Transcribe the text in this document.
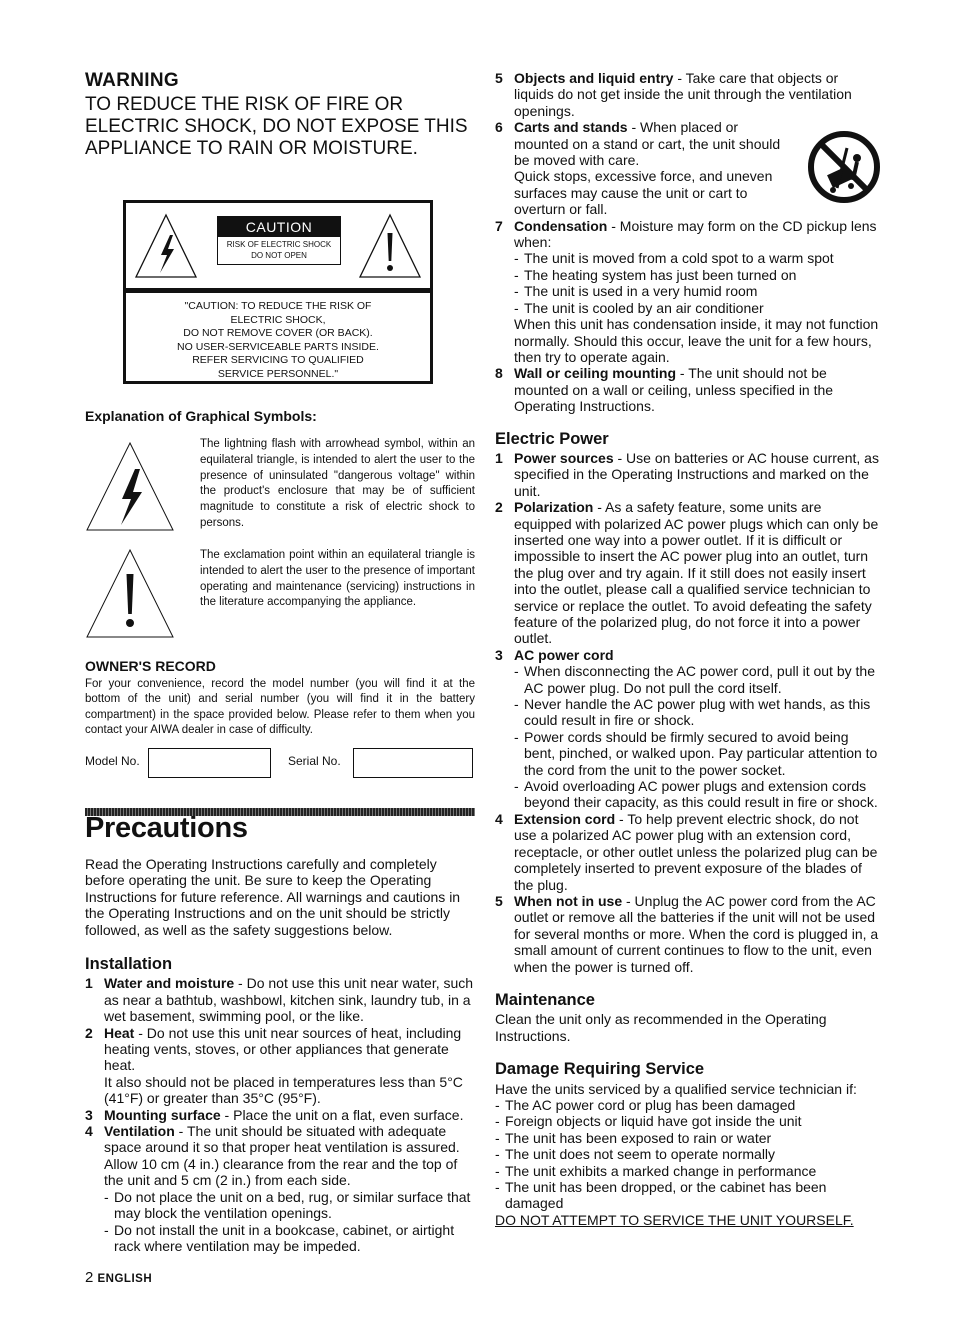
WARNING

TO REDUCE THE RISK OF FIRE OR ELECTRIC SHOCK, DO NOT EXPOSE THIS APPLIANCE TO RAIN OR MOISTURE.

CAUTION
RISK OF ELECTRIC SHOCK
DO NOT OPEN
"CAUTION: TO REDUCE THE RISK OF
ELECTRIC SHOCK,
DO NOT REMOVE COVER (OR BACK).
NO USER-SERVICEABLE PARTS INSIDE.
REFER SERVICING TO QUALIFIED
SERVICE PERSONNEL."
Explanation of Graphical Symbols:
The lightning flash with arrowhead symbol, within an equilateral triangle, is intended to alert the user to the presence of uninsulated "dangerous voltage" within the product's enclosure that may be of sufficient magnitude to constitute a risk of electric shock to persons.
The exclamation point within an equilateral triangle is intended to alert the user to the presence of important operating and maintenance (servicing) instructions in the literature accompanying the appliance.
OWNER'S RECORD
For your convenience, record the model number (you will find it at the bottom of the unit) and serial number (you will find it in the battery compartment) in the space provided below. Please refer to them when you contact your AIWA dealer in case of difficulty.
Model No.	Serial No.
Precautions
Read the Operating Instructions carefully and completely before operating the unit. Be sure to keep the Operating Instructions for future reference. All warnings and cautions in the Operating Instructions and on the unit should be strictly followed, as well as the safety suggestions below.
Installation
1 Water and moisture - Do not use this unit near water, such as near a bathtub, washbowl, kitchen sink, laundry tub, in a wet basement, swimming pool, or the like.
2 Heat - Do not use this unit near sources of heat, including heating vents, stoves, or other appliances that generate heat.
It also should not be placed in temperatures less than 5°C (41°F) or greater than 35°C (95°F).
3 Mounting surface - Place the unit on a flat, even surface.
4 Ventilation - The unit should be situated with adequate space around it so that proper heat ventilation is assured. Allow 10 cm (4 in.) clearance from the rear and the top of the unit and 5 cm (2 in.) from each side.
- Do not place the unit on a bed, rug, or similar surface that may block the ventilation openings.
- Do not install the unit in a bookcase, cabinet, or airtight rack where ventilation may be impeded.
5 Objects and liquid entry - Take care that objects or liquids do not get inside the unit through the ventilation openings.
6 Carts and stands - When placed or mounted on a stand or cart, the unit should be moved with care.
Quick stops, excessive force, and uneven surfaces may cause the unit or cart to overturn or fall.
7 Condensation - Moisture may form on the CD pickup lens when:
- The unit is moved from a cold spot to a warm spot
- The heating system has just been turned on
- The unit is used in a very humid room
- The unit is cooled by an air conditioner
When this unit has condensation inside, it may not function normally. Should this occur, leave the unit for a few hours, then try to operate again.
8 Wall or ceiling mounting - The unit should not be mounted on a wall or ceiling, unless specified in the Operating Instructions.
Electric Power
1 Power sources - Use on batteries or AC house current, as specified in the Operating Instructions and marked on the unit.
2 Polarization - As a safety feature, some units are equipped with polarized AC power plugs which can only be inserted one way into a power outlet. If it is difficult or impossible to insert the AC power plug into an outlet, turn the plug over and try again. If it still does not easily insert into the outlet, please call a qualified service technician to service or replace the outlet. To avoid defeating the safety feature of the polarized plug, do not force it into a power outlet.
3 AC power cord
- When disconnecting the AC power cord, pull it out by the AC power plug. Do not pull the cord itself.
- Never handle the AC power plug with wet hands, as this could result in fire or shock.
- Power cords should be firmly secured to avoid being bent, pinched, or walked upon. Pay particular attention to the cord from the unit to the power socket.
- Avoid overloading AC power plugs and extension cords beyond their capacity, as this could result in fire or shock.
4 Extension cord - To help prevent electric shock, do not use a polarized AC power plug with an extension cord, receptacle, or other outlet unless the polarized plug can be completely inserted to prevent exposure of the blades of the plug.
5 When not in use - Unplug the AC power cord from the AC outlet or remove all the batteries if the unit will not be used for several months or more. When the cord is plugged in, a small amount of current continues to flow to the unit, even when the power is turned off.
Maintenance
Clean the unit only as recommended in the Operating Instructions.
Damage Requiring Service
Have the units serviced by a qualified service technician if:
- The AC power cord or plug has been damaged
- Foreign objects or liquid have got inside the unit
- The unit has been exposed to rain or water
- The unit does not seem to operate normally
- The unit exhibits a marked change in performance
- The unit has been dropped, or the cabinet has been damaged
DO NOT ATTEMPT TO SERVICE THE UNIT YOURSELF.
2 ENGLISH
